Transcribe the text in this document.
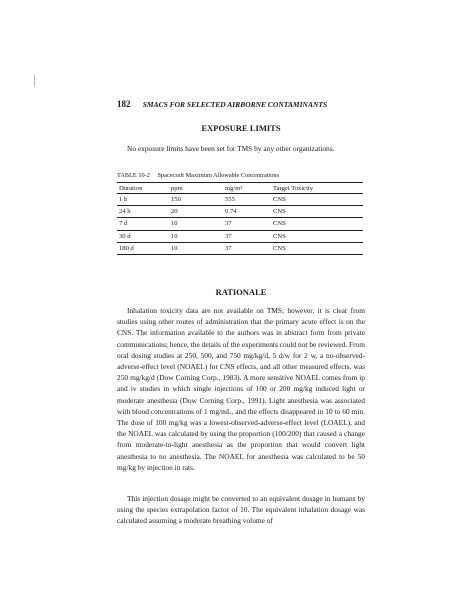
182 SMACS FOR SELECTED AIRBORNE CONTAMINANTS
EXPOSURE LIMITS
No exposure limits have been set for TMS by any other organizations.
TABLE 10-2 Spacecraft Maximum Allowable Concentrations
Duration	ppm	mg/m³	Target Toxicity
1 h	150	555	CNS
24 h	20	0.74	CNS
7 d	10	37	CNS
30 d	10	37	CNS
180 d	10	37	CNS
RATIONALE
Inhalation toxicity data are not available on TMS; however, it is clear from studies using other routes of administration that the primary acute effect is on the CNS. The information available to the authors was in abstract form from private communications; hence, the details of the experiments could not be reviewed. From oral dosing studies at 250, 500, and 750 mg/kg/d, 5 d/w for 2 w, a no-observed-adverse-effect level (NOAEL) for CNS effects, and all other measured effects, was 250 mg/kg/d (Dow Corning Corp., 1983). A more sensitive NOAEL comes from ip and iv studies in which single injections of 100 or 200 mg/kg induced light or moderate anesthesia (Dow Corning Corp., 1991). Light anesthesia was associated with blood concentrations of 1 mg/mL, and the effects disappeared in 10 to 60 min. The dose of 100 mg/kg was a lowest-observed-adverse-effect level (LOAEL), and the NOAEL was calculated by using the proportion (100/200) that caused a change from moderate-to-light anesthesia as the proportion that would convert light anesthesia to no anesthesia. The NOAEL for anesthesia was calculated to be 50 mg/kg by injection in rats.
This injection dosage might be converted to an equivalent dosage in humans by using the species extrapolation factor of 10. The equivalent inhalation dosage was calculated assuming a moderate breathing volume of
